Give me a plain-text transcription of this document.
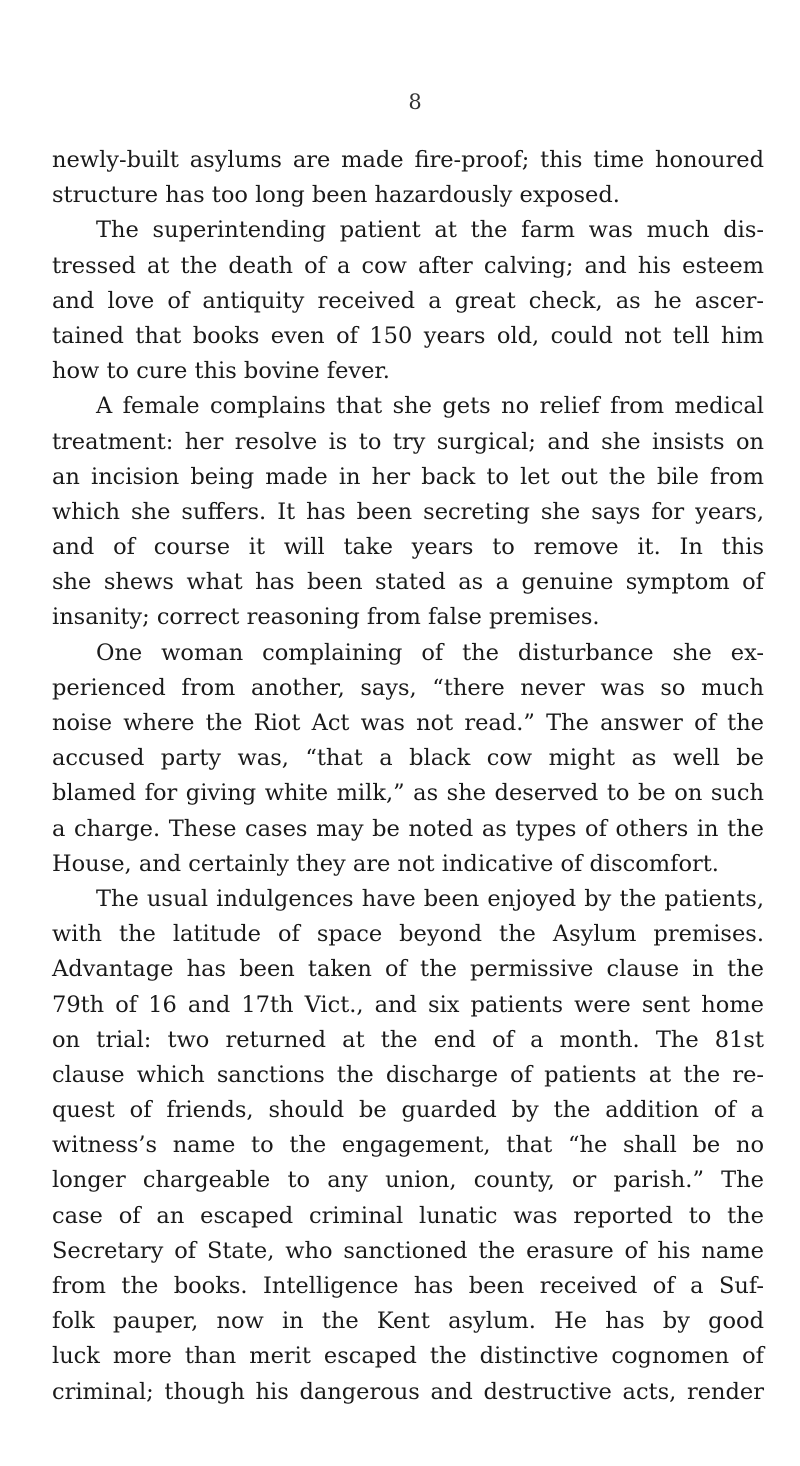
8
newly-built asylums are made fire-proof; this time honoured
structure has too long been hazardously exposed.
The superintending patient at the farm was much dis-
tressed at the death of a cow after calving; and his esteem
and love of antiquity received a great check, as he ascer-
tained that books even of 150 years old, could not tell him
how to cure this bovine fever.
A female complains that she gets no relief from medical
treatment: her resolve is to try surgical; and she insists on
an incision being made in her back to let out the bile from
which she suffers. It has been secreting she says for years,
and of course it will take years to remove it. In this
she shews what has been stated as a genuine symptom of
insanity; correct reasoning from false premises.
One woman complaining of the disturbance she ex-
perienced from another, says, “there never was so much
noise where the Riot Act was not read.” The answer of the
accused party was, “that a black cow might as well be
blamed for giving white milk,” as she deserved to be on such
a charge. These cases may be noted as types of others in the
House, and certainly they are not indicative of discomfort.
The usual indulgences have been enjoyed by the patients,
with the latitude of space beyond the Asylum premises.
Advantage has been taken of the permissive clause in the
79th of 16 and 17th Vict., and six patients were sent home
on trial: two returned at the end of a month. The 81st
clause which sanctions the discharge of patients at the re-
quest of friends, should be guarded by the addition of a
witness’s name to the engagement, that “he shall be no
longer chargeable to any union, county, or parish.” The
case of an escaped criminal lunatic was reported to the
Secretary of State, who sanctioned the erasure of his name
from the books. Intelligence has been received of a Suf-
folk pauper, now in the Kent asylum. He has by good
luck more than merit escaped the distinctive cognomen of
criminal; though his dangerous and destructive acts, render
